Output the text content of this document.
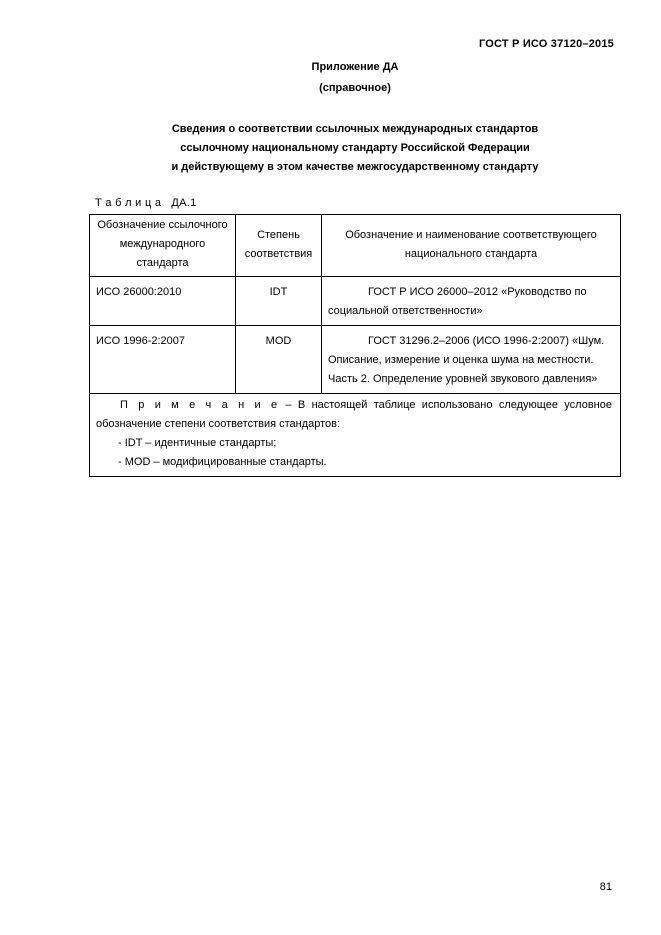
ГОСТ Р ИСО 37120–2015
Приложение ДА
(справочное)
Сведения о соответствии ссылочных международных стандартов
ссылочному национальному стандарту Российской Федерации
и действующему в этом качестве межгосударственному стандарту
Т а б л и ц а   ДА.1
Обозначение ссылочного международного стандарта	Степень соответствия	Обозначение и наименование соответствующего национального стандарта
ИСО 26000:2010	IDT	ГОСТ Р ИСО 26000–2012 «Руководство по социальной ответственности»
ИСО 1996-2:2007	MOD	ГОСТ 31296.2–2006 (ИСО 1996-2:2007) «Шум. Описание, измерение и оценка шума на местности. Часть 2. Определение уровней звукового давления»

П р и м е ч а н и е – В настоящей таблице использовано следующее условное обозначение степени соответствия стандартов:
- IDT – идентичные стандарты;
- MOD – модифицированные стандарты.		
81
